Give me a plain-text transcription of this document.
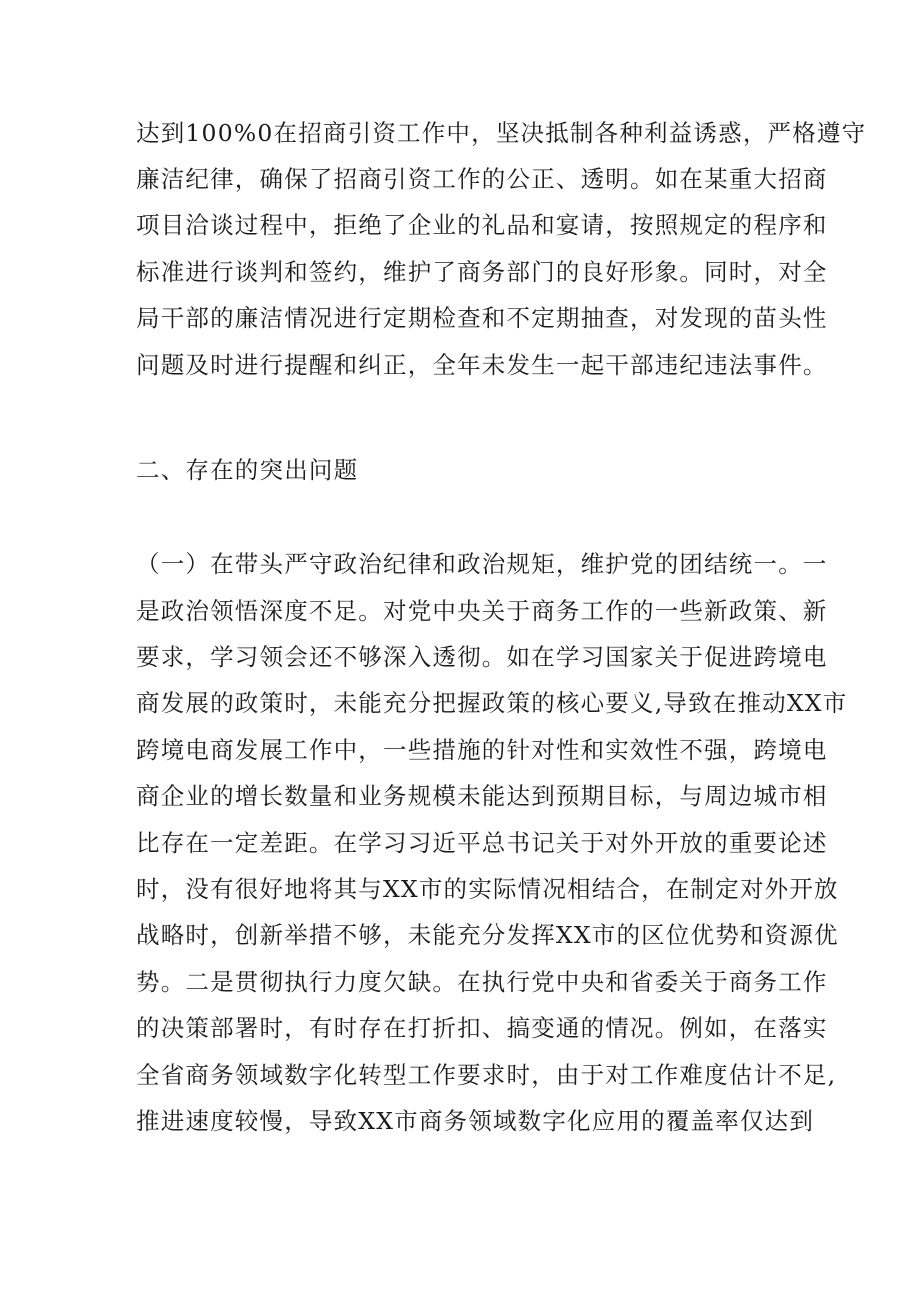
达到100%0在招商引资工作中，坚决抵制各种利益诱惑，严格遵守
廉洁纪律，确保了招商引资工作的公正、透明。如在某重大招商
项目洽谈过程中，拒绝了企业的礼品和宴请，按照规定的程序和
标准进行谈判和签约，维护了商务部门的良好形象。同时，对全
局干部的廉洁情况进行定期检查和不定期抽查，对发现的苗头性
问题及时进行提醒和纠正，全年未发生一起干部违纪违法事件。
二、存在的突出问题
（一）在带头严守政治纪律和政治规矩，维护党的团结统一。一
是政治领悟深度不足。对党中央关于商务工作的一些新政策、新
要求，学习领会还不够深入透彻。如在学习国家关于促进跨境电
商发展的政策时，未能充分把握政策的核心要义,导致在推动XX市
跨境电商发展工作中，一些措施的针对性和实效性不强，跨境电
商企业的增长数量和业务规模未能达到预期目标，与周边城市相
比存在一定差距。在学习习近平总书记关于对外开放的重要论述
时，没有很好地将其与XX市的实际情况相结合，在制定对外开放
战略时，创新举措不够，未能充分发挥XX市的区位优势和资源优
势。二是贯彻执行力度欠缺。在执行党中央和省委关于商务工作
的决策部署时，有时存在打折扣、搞变通的情况。例如，在落实
全省商务领域数字化转型工作要求时，由于对工作难度估计不足,
推进速度较慢，导致XX市商务领域数字化应用的覆盖率仅达到
